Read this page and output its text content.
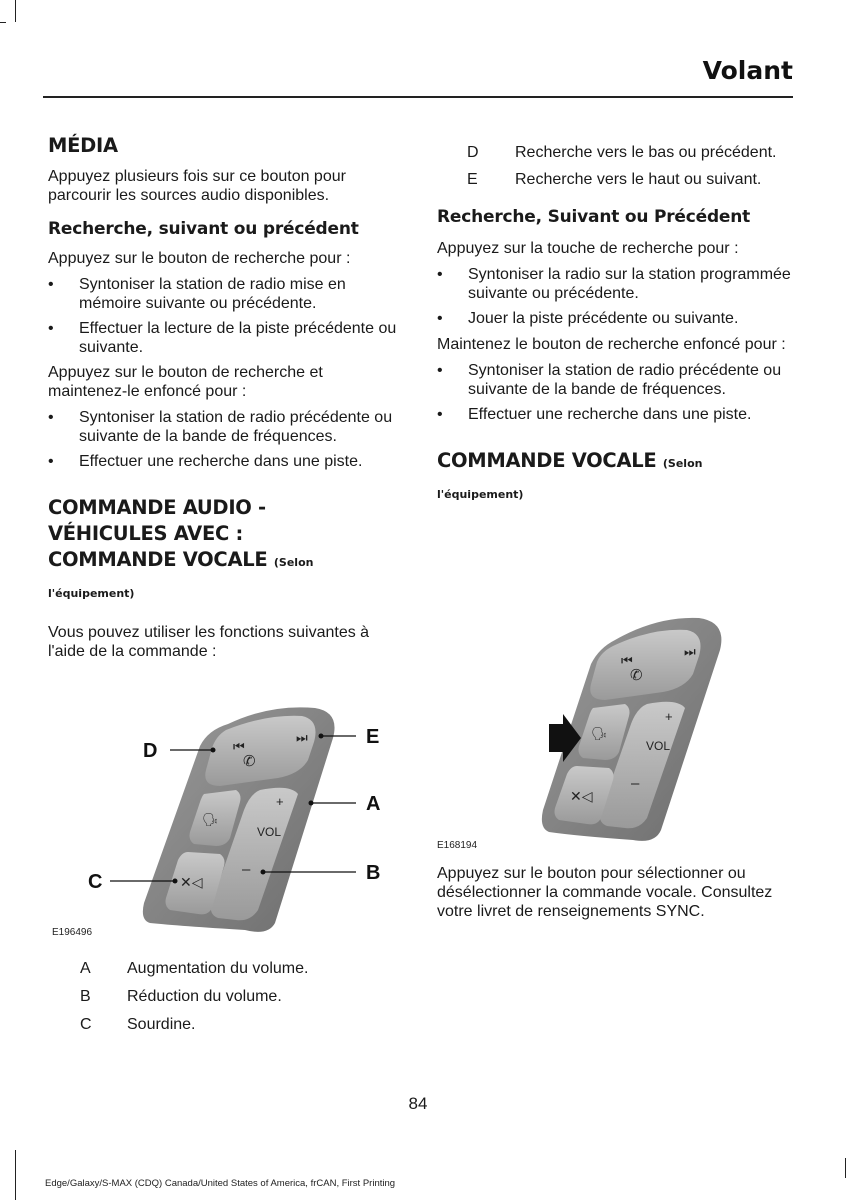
Volant
MÉDIA

Appuyez plusieurs fois sur ce bouton pour parcourir les sources audio disponibles.

Recherche, suivant ou précédent

Appuyez sur le bouton de recherche pour :

• Syntoniser la station de radio mise en mémoire suivante ou précédente.
• Effectuer la lecture de la piste précédente ou suivante.

Appuyez sur le bouton de recherche et maintenez-le enfoncé pour :

• Syntoniser la station de radio précédente ou suivante de la bande de fréquences.
• Effectuer une recherche dans une piste.
COMMANDE AUDIO -
VÉHICULES AVEC :
COMMANDE VOCALE (Selon

l'équipement)

Vous pouvez utiliser les fonctions suivantes à l'aide de la commande :

⏮
✆
⏭
🗣
✕◁
+
VOL
–
D
E
A
B
C
E196496
A Augmentation du volume.
B Réduction du volume.
C Sourdine.
D Recherche vers le bas ou précédent.
E Recherche vers le haut ou suivant.
Recherche, Suivant ou Précédent

Appuyez sur la touche de recherche pour :

• Syntoniser la radio sur la station programmée suivante ou précédente.
• Jouer la piste précédente ou suivante.

Maintenez le bouton de recherche enfoncé pour :

• Syntoniser la station de radio précédente ou suivante de la bande de fréquences.
• Effectuer une recherche dans une piste.
COMMANDE VOCALE (Selon

l'équipement)

⏮
✆
⏭
🗣
✕◁
+
VOL
–
E168194

Appuyez sur le bouton pour sélectionner ou désélectionner la commande vocale. Consultez votre livret de renseignements SYNC.

84
Edge/Galaxy/S-MAX (CDQ) Canada/United States of America, frCAN, First Printing
